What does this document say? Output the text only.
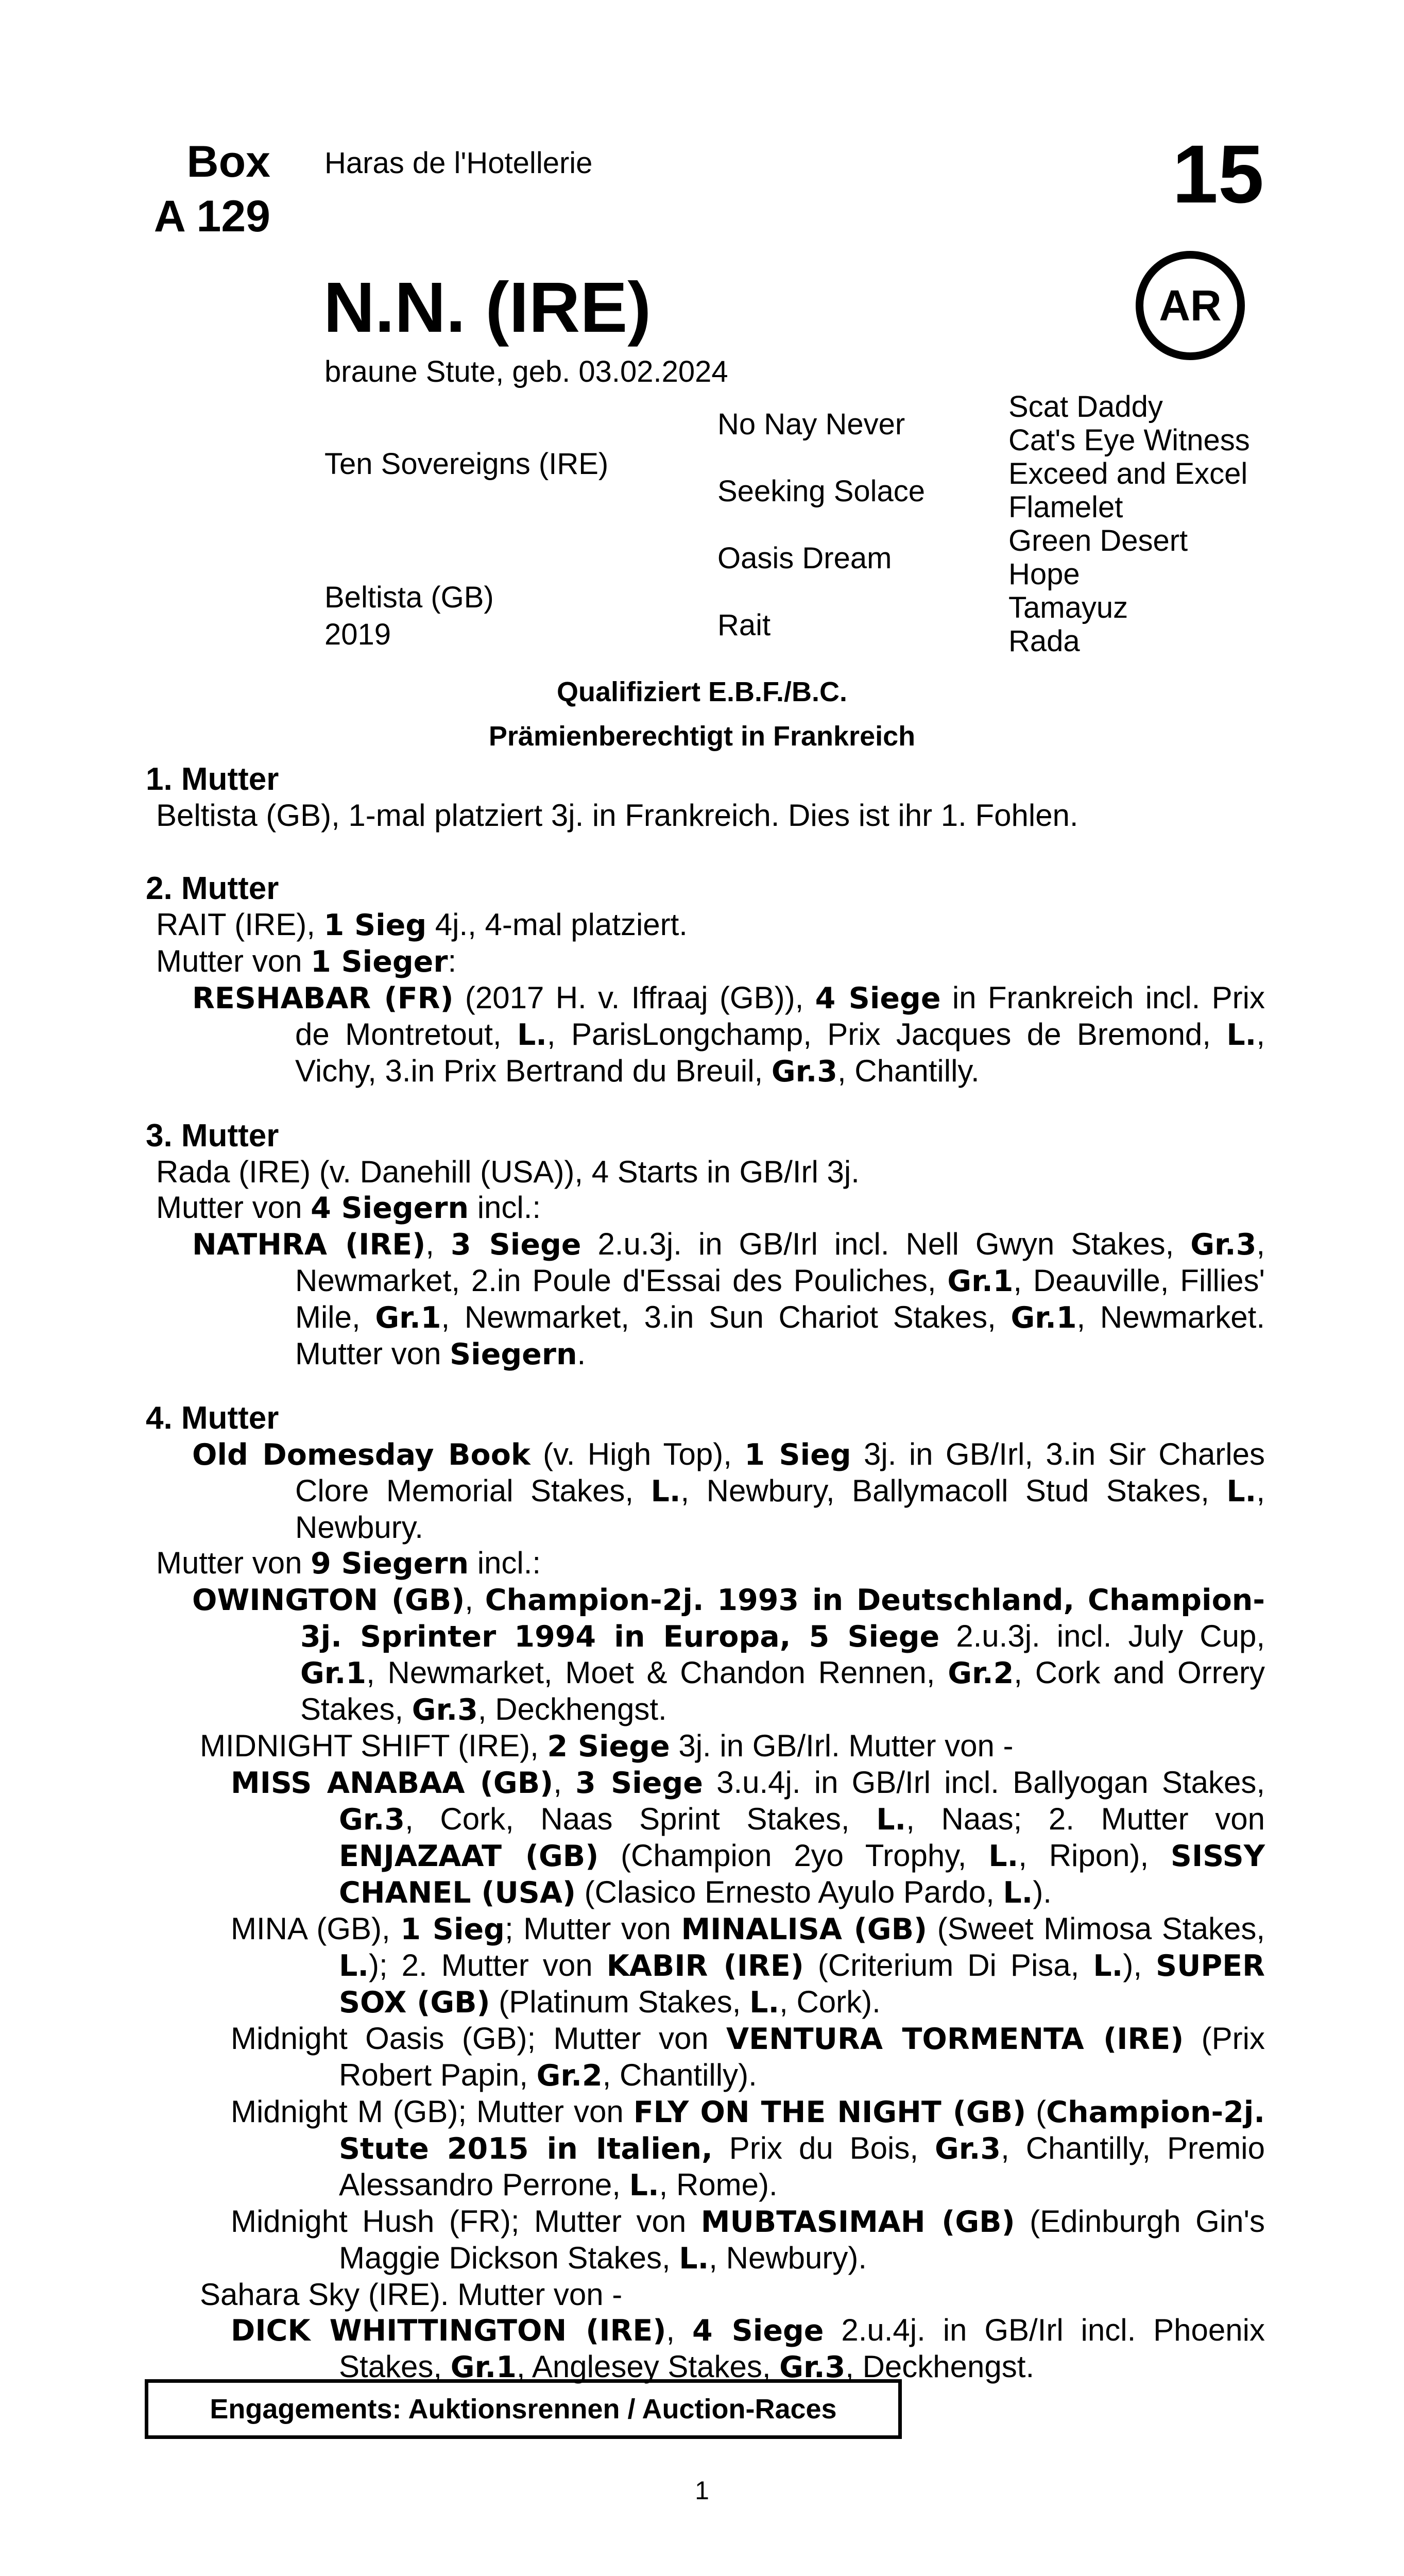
Box
A 129
Haras de l'Hotellerie	15
AR
N.N. (IRE)
braune Stute, geb. 03.02.2024
Ten Sovereigns (IRE)
Beltista (GB)
2019
No Nay Never
Seeking Solace
Oasis Dream
Rait
Scat Daddy
Cat's Eye Witness
Exceed and Excel
Flamelet
Green Desert
Hope
Tamayuz
Rada
Qualifiziert E.B.F./B.C.
Prämienberechtigt in Frankreich
1. Mutter

Beltista (GB), 1-mal platziert 3j. in Frankreich. Dies ist ihr 1. Fohlen.

2. Mutter

RAIT (IRE), 1 Sieg 4j., 4-mal platziert.

Mutter von 1 Sieger:

RESHABAR (FR) (2017 H. v. Iffraaj (GB)), 4 Siege in Frankreich incl. Prix de Montretout, L., ParisLongchamp, Prix Jacques de Bremond, L., Vichy, 3.in Prix Bertrand du Breuil, Gr.3, Chantilly.

3. Mutter

Rada (IRE) (v. Danehill (USA)), 4 Starts in GB/Irl 3j.

Mutter von 4 Siegern incl.:

NATHRA (IRE), 3 Siege 2.u.3j. in GB/Irl incl. Nell Gwyn Stakes, Gr.3, Newmarket, 2.in Poule d'Essai des Pouliches, Gr.1, Deauville, Fillies' Mile, Gr.1, Newmarket, 3.in Sun Chariot Stakes, Gr.1, Newmarket. Mutter von Siegern.

4. Mutter

Old Domesday Book (v. High Top), 1 Sieg 3j. in GB/Irl, 3.in Sir Charles Clore Memorial Stakes, L., Newbury, Ballymacoll Stud Stakes, L., Newbury.

Mutter von 9 Siegern incl.:

OWINGTON (GB), Champion-2j. 1993 in Deutschland, Champion-3j. Sprinter 1994 in Europa, 5 Siege 2.u.3j. incl. July Cup, Gr.1, Newmarket, Moet & Chandon Rennen, Gr.2, Cork and Orrery Stakes, Gr.3, Deckhengst.

MIDNIGHT SHIFT (IRE), 2 Siege 3j. in GB/Irl. Mutter von -

MISS ANABAA (GB), 3 Siege 3.u.4j. in GB/Irl incl. Ballyogan Stakes, Gr.3, Cork, Naas Sprint Stakes, L., Naas; 2. Mutter von ENJAZAAT (GB) (Champion 2yo Trophy, L., Ripon), SISSY CHANEL (USA) (Clasico Ernesto Ayulo Pardo, L.).

MINA (GB), 1 Sieg; Mutter von MINALISA (GB) (Sweet Mimosa Stakes, L.); 2. Mutter von KABIR (IRE) (Criterium Di Pisa, L.), SUPER SOX (GB) (Platinum Stakes, L., Cork).

Midnight Oasis (GB); Mutter von VENTURA TORMENTA (IRE) (Prix Robert Papin, Gr.2, Chantilly).

Midnight M (GB); Mutter von FLY ON THE NIGHT (GB) (Champion-2j. Stute 2015 in Italien, Prix du Bois, Gr.3, Chantilly, Premio Alessandro Perrone, L., Rome).

Midnight Hush (FR); Mutter von MUBTASIMAH (GB) (Edinburgh Gin's Maggie Dickson Stakes, L., Newbury).

Sahara Sky (IRE). Mutter von -

DICK WHITTINGTON (IRE), 4 Siege 2.u.4j. in GB/Irl incl. Phoenix Stakes, Gr.1, Anglesey Stakes, Gr.3, Deckhengst.

Engagements: Auktionsrennen / Auction-Races
1
